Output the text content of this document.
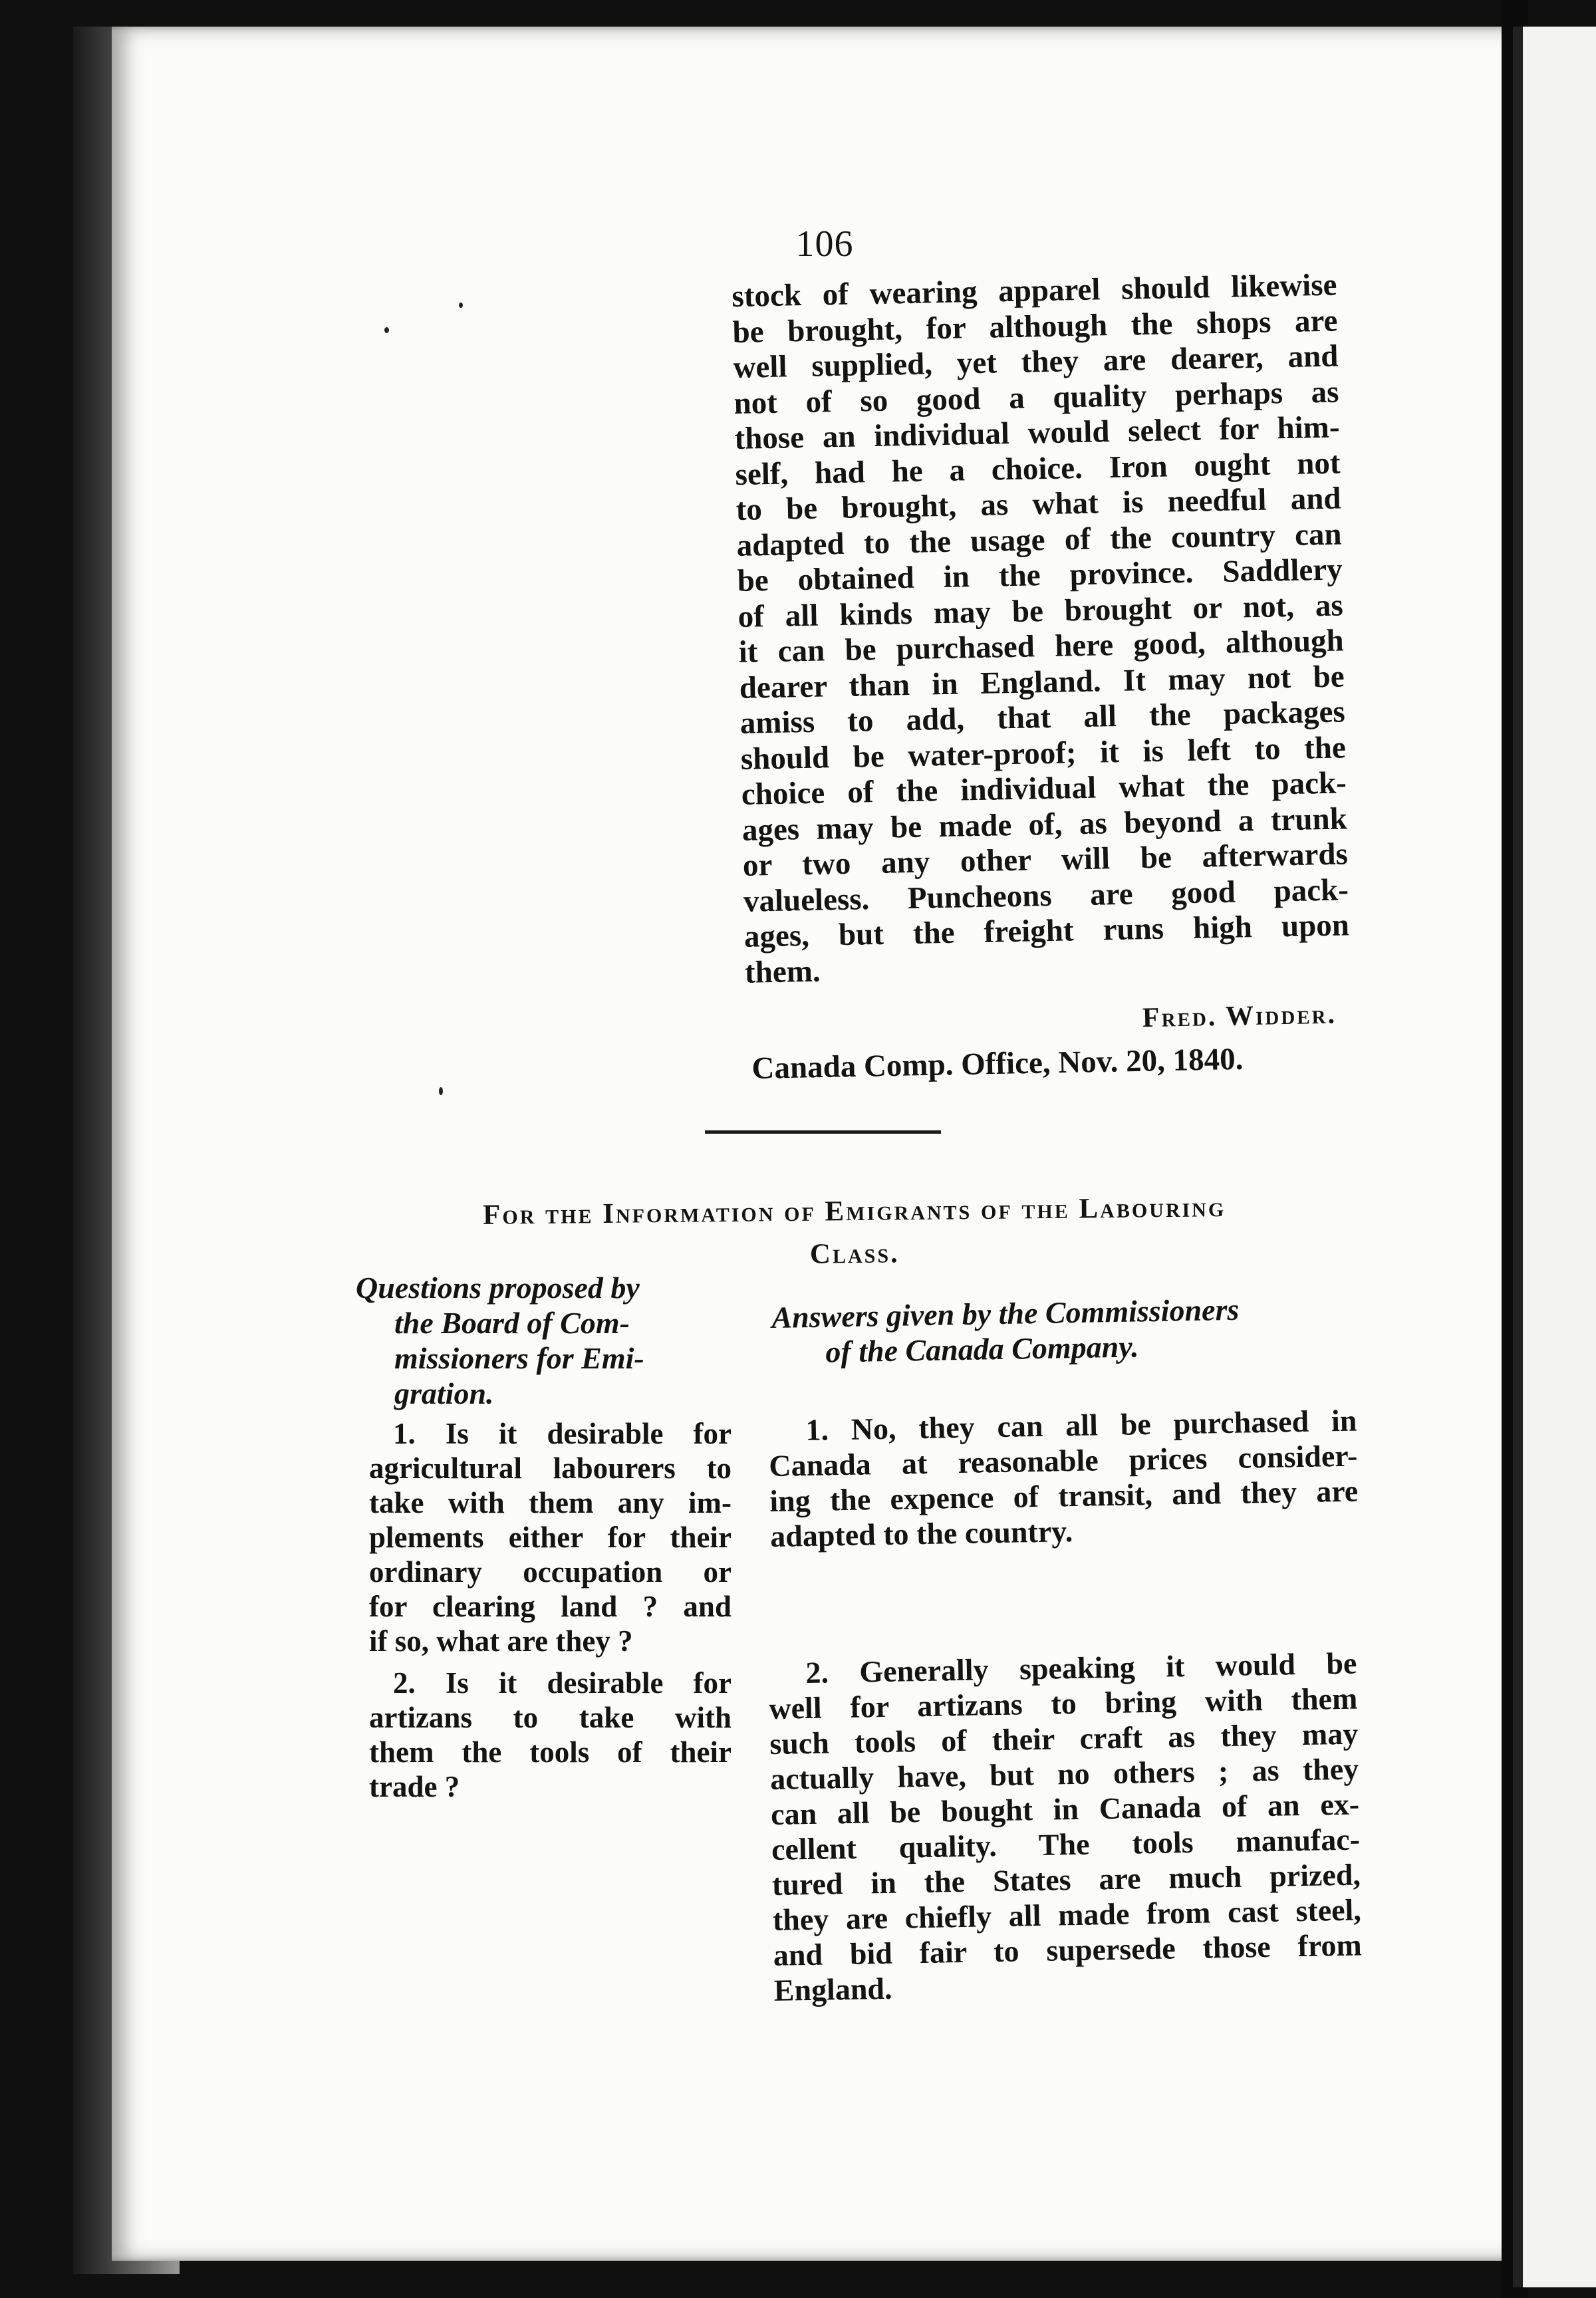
106
stock of wearing apparel should likewise
be brought, for although the shops are
well supplied, yet they are dearer, and
not of so good a quality perhaps as
those an individual would select for him-
self, had he a choice. Iron ought not
to be brought, as what is needful and
adapted to the usage of the country can
be obtained in the province. Saddlery
of all kinds may be brought or not, as
it can be purchased here good, although
dearer than in England. It may not be
amiss to add, that all the packages
should be water-proof; it is left to the
choice of the individual what the pack-
ages may be made of, as beyond a trunk
or two any other will be afterwards
valueless. Puncheons are good pack-
ages, but the freight runs high upon
them.
Fred. Widder.
Canada Comp. Office, Nov. 20, 1840.
For the Information of Emigrants of the Labouring
Class.
Questions proposed by
the Board of Com-
missioners for Emi-
gration.
Answers given by the Commissioners
of the Canada Company.
1. Is it desirable for
agricultural labourers to
take with them any im-
plements either for their
ordinary occupation or
for clearing land ? and
if so, what are they ?
2. Is it desirable for
artizans to take with
them the tools of their
trade ?
1. No, they can all be purchased in
Canada at reasonable prices consider-
ing the expence of transit, and they are
adapted to the country.
2. Generally speaking it would be
well for artizans to bring with them
such tools of their craft as they may
actually have, but no others ; as they
can all be bought in Canada of an ex-
cellent quality. The tools manufac-
tured in the States are much prized,
they are chiefly all made from cast steel,
and bid fair to supersede those from
England.
